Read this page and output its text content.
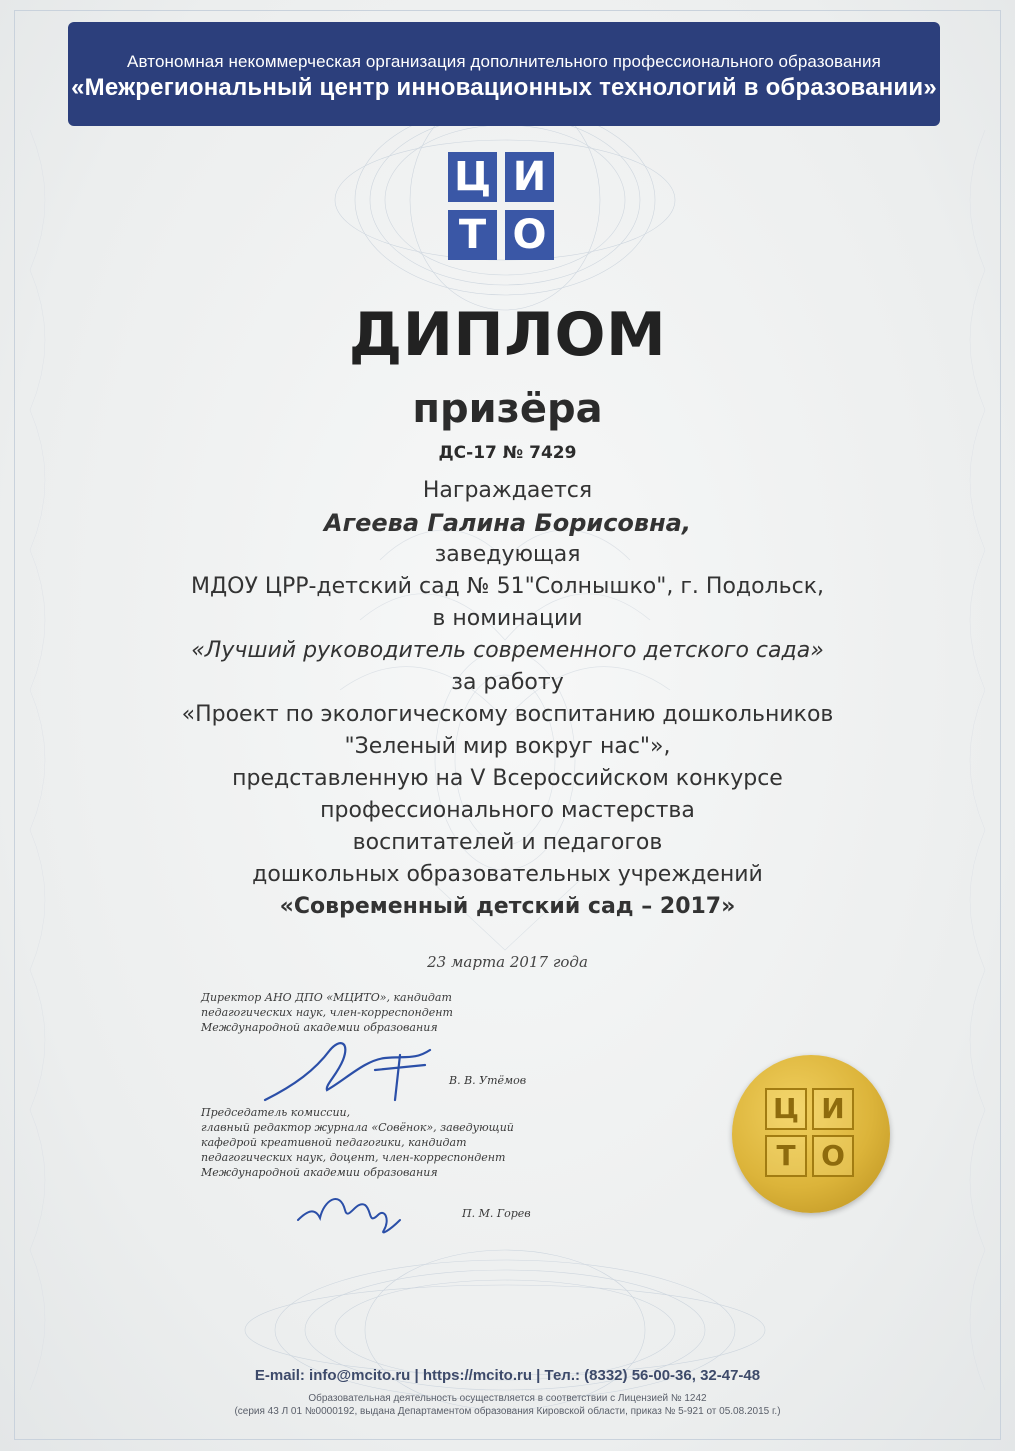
Автономная некоммерческая организация дополнительного профессионального образования
«Межрегиональный центр инновационных технологий в образовании»
Ц И
Т О
ДИПЛОМ
призёра
ДС-17 № 7429
Награждается
Агеева Галина Борисовна,
заведующая
МДОУ ЦРР-детский сад № 51"Солнышко", г. Подольск,
в номинации
«Лучший руководитель современного детского сада»
за работу
«Проект по экологическому воспитанию дошкольников
"Зеленый мир вокруг нас"»,
представленную на V Всероссийском конкурсе
профессионального мастерства
воспитателей и педагогов
дошкольных образовательных учреждений
«Современный детский сад – 2017»
23 марта 2017 года
Директор АНО ДПО «МЦИТО», кандидат
педагогических наук, член-корреспондент
Международной академии образования
В. В. Утёмов
Председатель комиссии,
главный редактор журнала «Совёнок», заведующий
кафедрой креативной педагогики, кандидат
педагогических наук, доцент, член-корреспондент
Международной академии образования
П. М. Горев
Ц И
Т О
E-mail: info@mcito.ru | https://mcito.ru | Тел.: (8332) 56-00-36, 32-47-48
Образовательная деятельность осуществляется в соответствии с Лицензией № 1242
(серия 43 Л 01 №0000192, выдана Департаментом образования Кировской области, приказ № 5-921 от 05.08.2015 г.)
